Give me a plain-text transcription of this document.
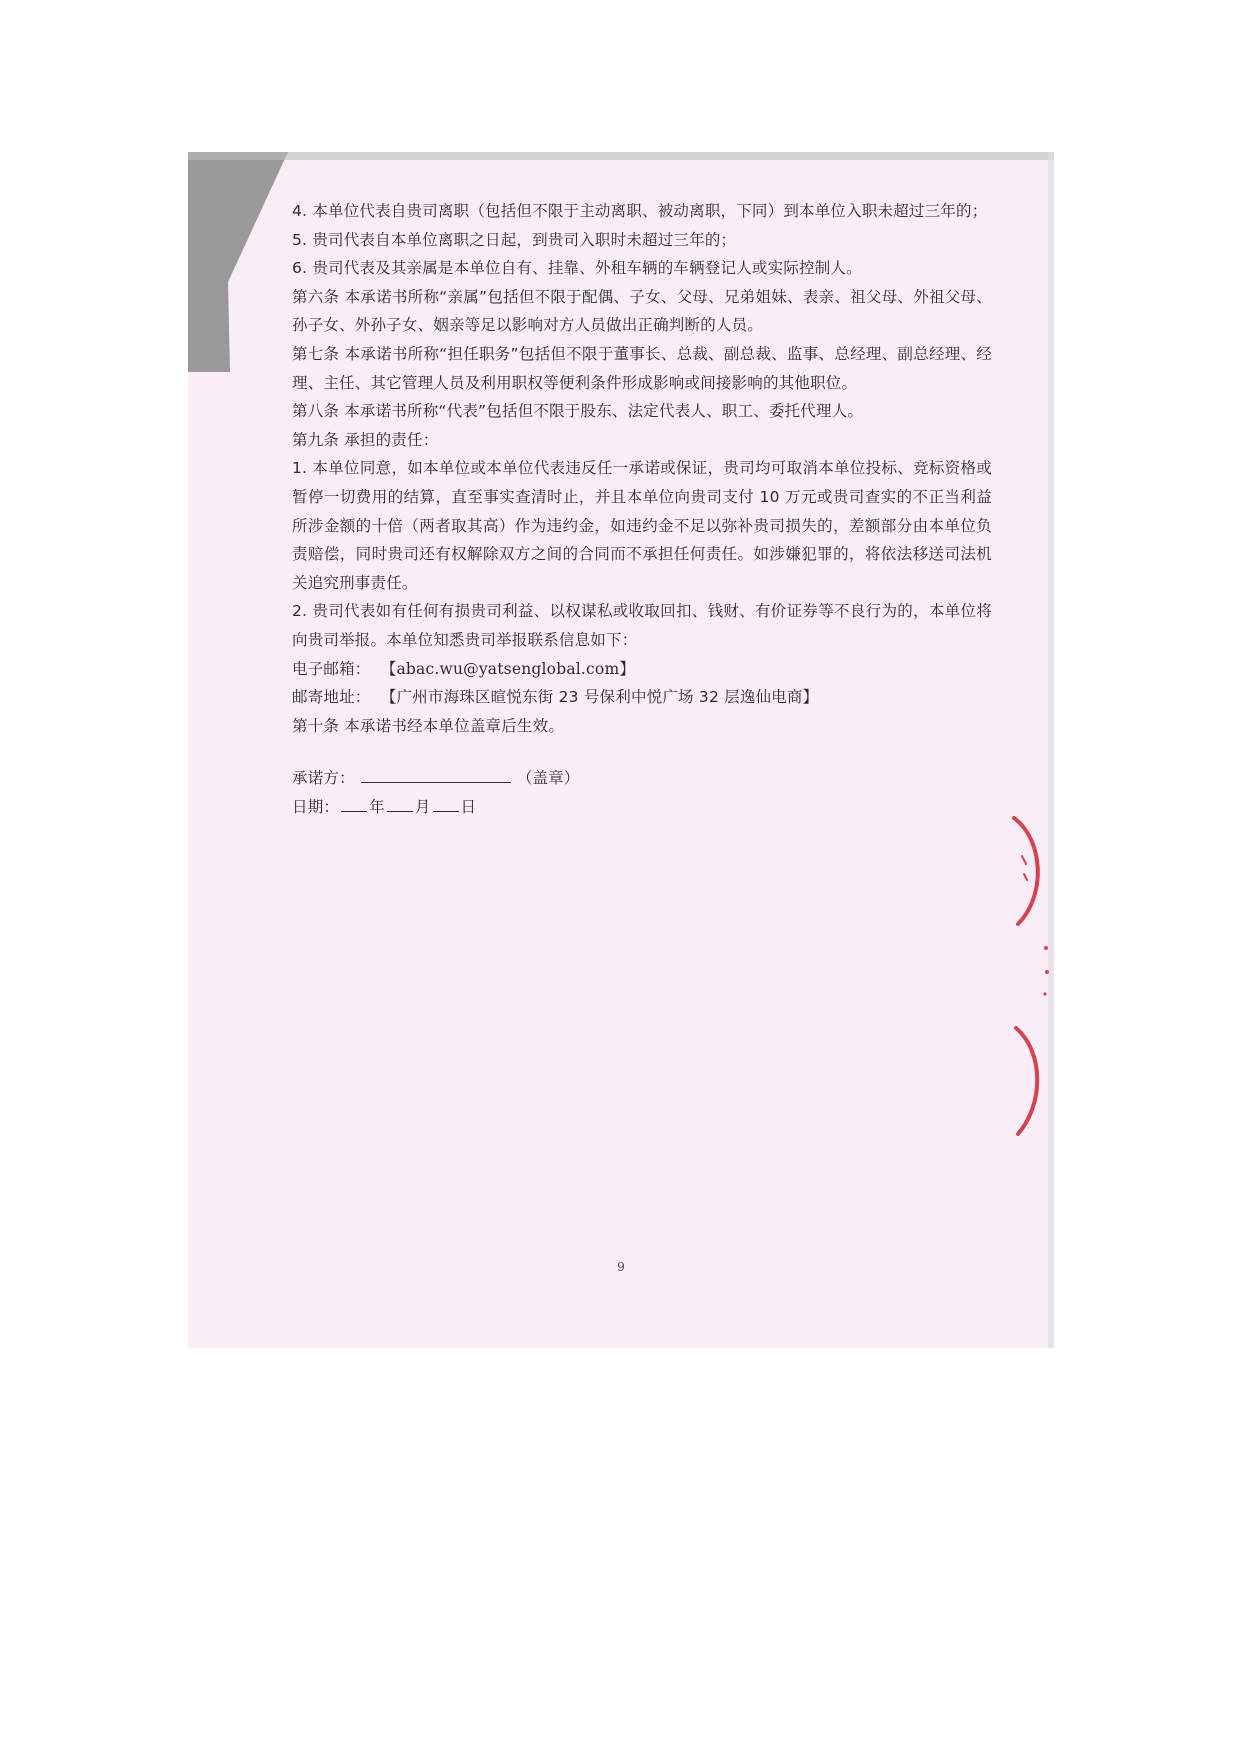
4. 本单位代表自贵司离职（包括但不限于主动离职、被动离职，下同）到本单位入职未超过三年的；

5. 贵司代表自本单位离职之日起，到贵司入职时未超过三年的；

6. 贵司代表及其亲属是本单位自有、挂靠、外租车辆的车辆登记人或实际控制人。

第六条 本承诺书所称“亲属”包括但不限于配偶、子女、父母、兄弟姐妹、表亲、祖父母、外祖父母、孙子女、外孙子女、姻亲等足以影响对方人员做出正确判断的人员。

第七条 本承诺书所称“担任职务”包括但不限于董事长、总裁、副总裁、监事、总经理、副总经理、经理、主任、其它管理人员及利用职权等便利条件形成影响或间接影响的其他职位。

第八条 本承诺书所称“代表”包括但不限于股东、法定代表人、职工、委托代理人。

第九条 承担的责任：

1. 本单位同意，如本单位或本单位代表违反任一承诺或保证，贵司均可取消本单位投标、竞标资格或暂停一切费用的结算，直至事实查清时止，并且本单位向贵司支付 10 万元或贵司查实的不正当利益所涉金额的十倍（两者取其高）作为违约金，如违约金不足以弥补贵司损失的，差额部分由本单位负责赔偿，同时贵司还有权解除双方之间的合同而不承担任何责任。如涉嫌犯罪的，将依法移送司法机关追究刑事责任。

2. 贵司代表如有任何有损贵司利益、以权谋私或收取回扣、钱财、有价证券等不良行为的，本单位将向贵司举报。本单位知悉贵司举报联系信息如下：

电子邮箱： 【abac.wu@yatsenglobal.com】

邮寄地址： 【广州市海珠区暄悦东街 23 号保利中悦广场 32 层逸仙电商】

第十条 本承诺书经本单位盖章后生效。

承诺方：	（盖章）

日期： 年 月 日

9
